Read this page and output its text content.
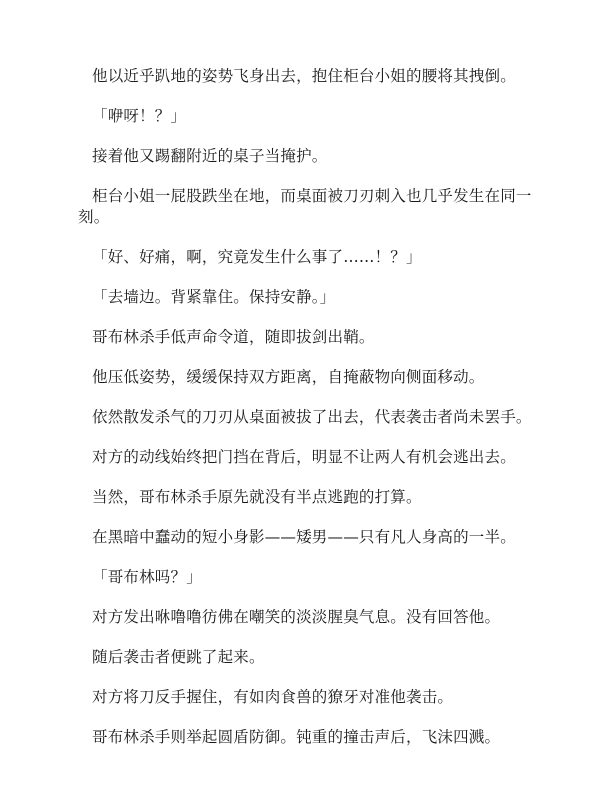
他以近乎趴地的姿势飞身出去，抱住柜台小姐的腰将其拽倒。

「咿呀！？」

接着他又踢翻附近的桌子当掩护。

柜台小姐一屁股跌坐在地，而桌面被刀刃刺入也几乎发生在同一刻。

「好、好痛，啊，究竟发生什么事了……！？」

「去墙边。背紧靠住。保持安静。」

哥布林杀手低声命令道，随即拔剑出鞘。

他压低姿势，缓缓保持双方距离，自掩蔽物向侧面移动。

依然散发杀气的刀刃从桌面被拔了出去，代表袭击者尚未罢手。

对方的动线始终把门挡在背后，明显不让两人有机会逃出去。

当然，哥布林杀手原先就没有半点逃跑的打算。

在黑暗中蠢动的短小身影——矮男——只有凡人身高的一半。

「哥布林吗？」

对方发出咻噜噜彷佛在嘲笑的淡淡腥臭气息。没有回答他。

随后袭击者便跳了起来。

对方将刀反手握住，有如肉食兽的獠牙对准他袭击。

哥布林杀手则举起圆盾防御。钝重的撞击声后，飞沫四溅。
